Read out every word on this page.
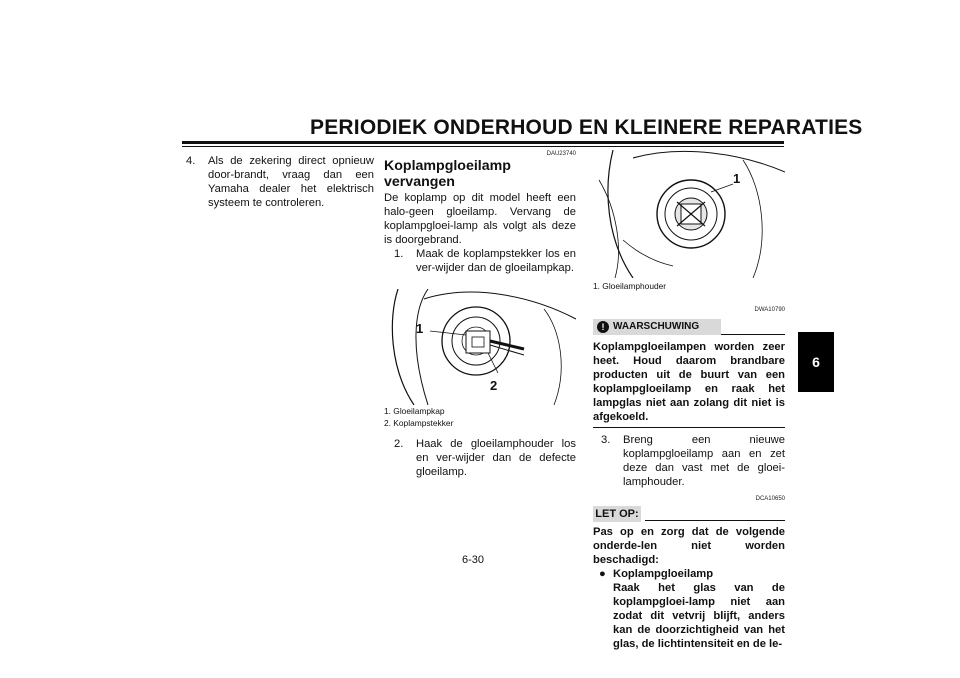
PERIODIEK ONDERHOUD EN KLEINERE REPARATIES
6
4.	Als de zekering direct opnieuw door-brandt, vraag dan een Yamaha dealer het elektrisch systeem te controleren.
DAU23740
Koplampgloeilamp vervangen
De koplamp op dit model heeft een halo-geen gloeilamp. Vervang de koplampgloei-lamp als volgt als deze is doorgebrand.
1.	Maak de koplampstekker los en ver-wijder dan de gloeilampkap.
1
2
1. Gloeilampkap
2. Koplampstekker
2.	Haak de gloeilamphouder los en ver-wijder dan de defecte gloeilamp.
1
1. Gloeilamphouder
DWA10790
! WAARSCHUWING
Koplampgloeilampen worden zeer heet. Houd daarom brandbare producten uit de buurt van een koplampgloeilamp en raak het lampglas niet aan zolang dit niet is afgekoeld.
3.	Breng een nieuwe koplampgloeilamp aan en zet deze dan vast met de gloei-lamphouder.
DCA10650
LET OP:
Pas op en zorg dat de volgende onderde-len niet worden beschadigd:
● Koplampgloeilamp
Raak het glas van de koplampgloei-lamp niet aan zodat dit vetvrij blijft, anders kan de doorzichtigheid van het glas, de lichtintensiteit en de le-
6-30
